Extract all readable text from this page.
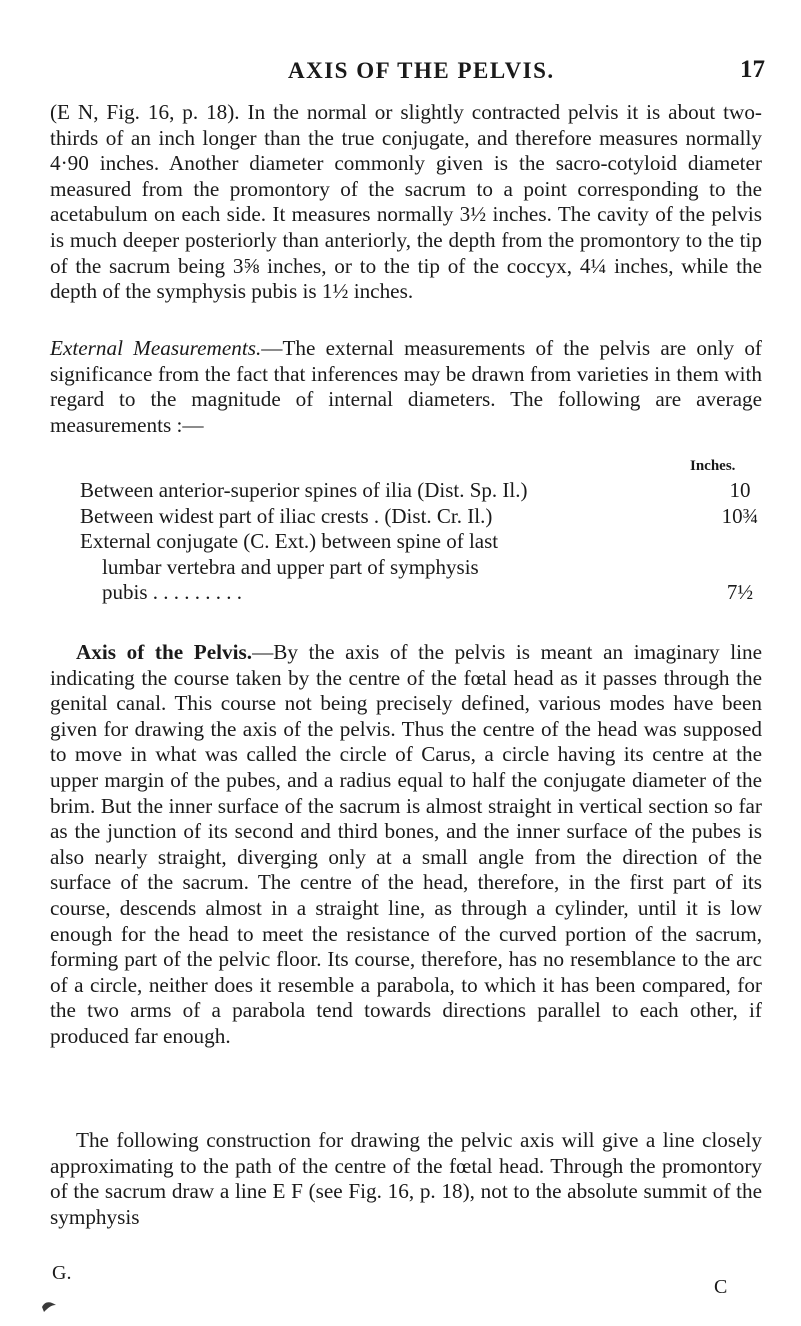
AXIS OF THE PELVIS.	17

(E N, Fig. 16, p. 18). In the normal or slightly contracted pelvis it is about two-thirds of an inch longer than the true conjugate, and therefore measures normally 4·90 inches. Another diameter commonly given is the sacro-cotyloid diameter measured from the promontory of the sacrum to a point corresponding to the acetabulum on each side. It measures normally 3½ inches. The cavity of the pelvis is much deeper posteriorly than anteriorly, the depth from the promontory to the tip of the sacrum being 3⅝ inches, or to the tip of the coccyx, 4¼ inches, while the depth of the symphysis pubis is 1½ inches.

External Measurements.—The external measurements of the pelvis are only of significance from the fact that inferences may be drawn from varieties in them with regard to the magnitude of internal diameters. The following are average measurements :—

Inches.
Between anterior-superior spines of ilia (Dist. Sp. Il.)	10
Between widest part of iliac crests . (Dist. Cr. Il.)	10¾
External conjugate (C. Ext.) between spine of last
lumbar vertebra and upper part of symphysis
pubis . . . . . . . . .	7½

Axis of the Pelvis.—By the axis of the pelvis is meant an imaginary line indicating the course taken by the centre of the fœtal head as it passes through the genital canal. This course not being precisely defined, various modes have been given for drawing the axis of the pelvis. Thus the centre of the head was supposed to move in what was called the circle of Carus, a circle having its centre at the upper margin of the pubes, and a radius equal to half the conjugate diameter of the brim. But the inner surface of the sacrum is almost straight in vertical section so far as the junction of its second and third bones, and the inner surface of the pubes is also nearly straight, diverging only at a small angle from the direction of the surface of the sacrum. The centre of the head, therefore, in the first part of its course, descends almost in a straight line, as through a cylinder, until it is low enough for the head to meet the resistance of the curved portion of the sacrum, forming part of the pelvic floor. Its course, therefore, has no resemblance to the arc of a circle, neither does it resemble a parabola, to which it has been compared, for the two arms of a parabola tend towards directions parallel to each other, if produced far enough.

The following construction for drawing the pelvic axis will give a line closely approximating to the path of the centre of the fœtal head. Through the promontory of the sacrum draw a line E F (see Fig. 16, p. 18), not to the absolute summit of the symphysis

G.
C
